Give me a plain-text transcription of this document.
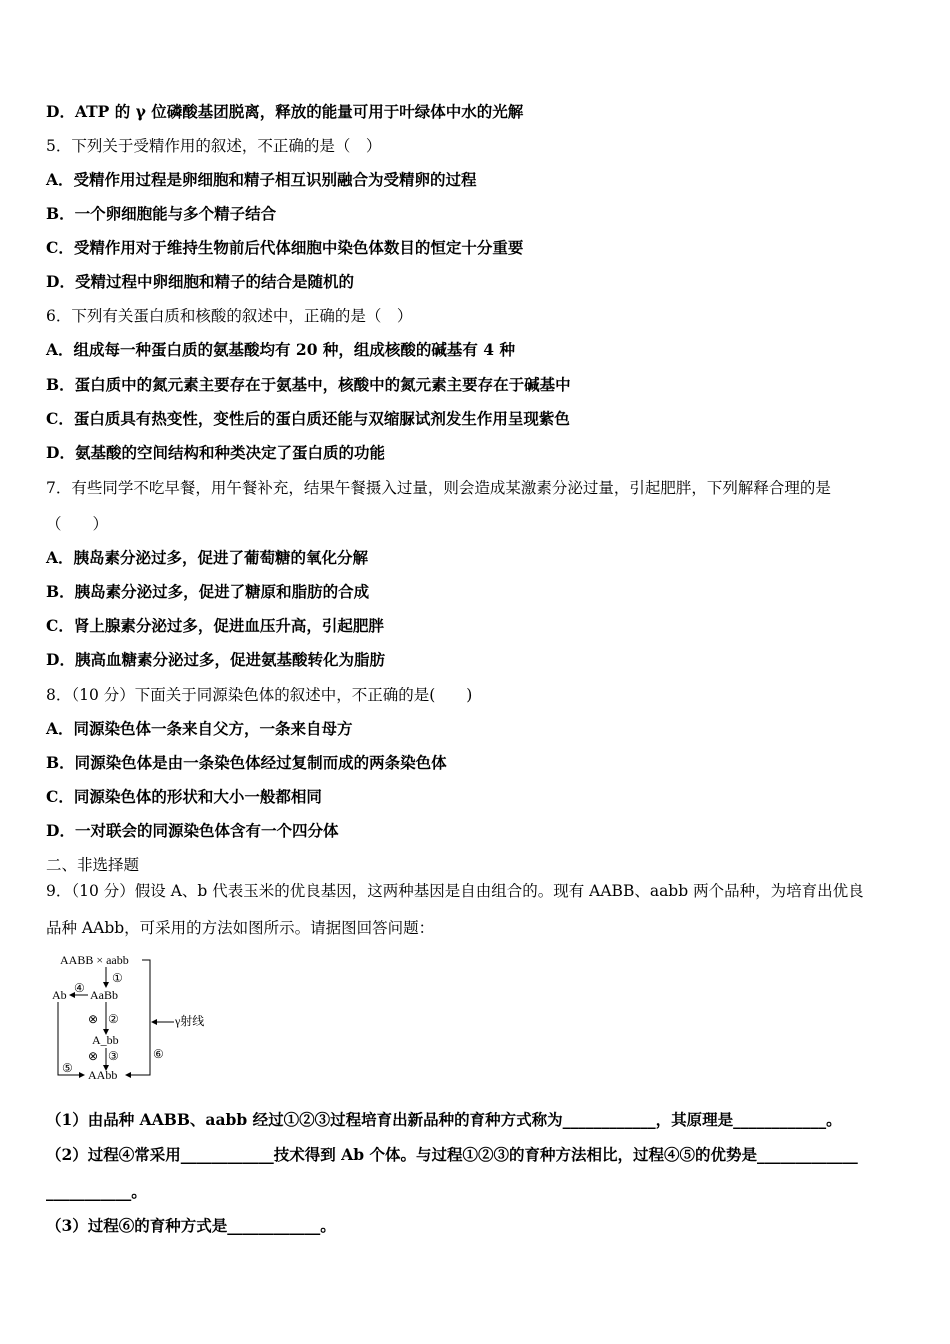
D．ATP 的 γ 位磷酸基团脱离，释放的能量可用于叶绿体中水的光解
5．下列关于受精作用的叙述，不正确的是（　）
A．受精作用过程是卵细胞和精子相互识别融合为受精卵的过程
B．一个卵细胞能与多个精子结合
C．受精作用对于维持生物前后代体细胞中染色体数目的恒定十分重要
D．受精过程中卵细胞和精子的结合是随机的
6．下列有关蛋白质和核酸的叙述中，正确的是（　）
A．组成每一种蛋白质的氨基酸均有 20 种，组成核酸的碱基有 4 种
B．蛋白质中的氮元素主要存在于氨基中，核酸中的氮元素主要存在于碱基中
C．蛋白质具有热变性，变性后的蛋白质还能与双缩脲试剂发生作用呈现紫色
D．氨基酸的空间结构和种类决定了蛋白质的功能
7．有些同学不吃早餐，用午餐补充，结果午餐摄入过量，则会造成某激素分泌过量，引起肥胖，下列解释合理的是
（　　）
A．胰岛素分泌过多，促进了葡萄糖的氧化分解
B．胰岛素分泌过多，促进了糖原和脂肪的合成
C．肾上腺素分泌过多，促进血压升高，引起肥胖
D．胰高血糖素分泌过多，促进氨基酸转化为脂肪
8．（10 分）下面关于同源染色体的叙述中，不正确的是(　　)
A．同源染色体一条来自父方，一条来自母方
B．同源染色体是由一条染色体经过复制而成的两条染色体
C．同源染色体的形状和大小一般都相同
D．一对联会的同源染色体含有一个四分体
二、非选择题
9．（10 分）假设 A、b 代表玉米的优良基因，这两种基因是自由组合的。现有 AABB、aabb 两个品种，为培育出优良
品种 AAbb，可采用的方法如图所示。请据图回答问题：
AABB × aabb
①
AaBb
④
Ab
⊗ ②
A_bb
⊗ ③
AAbb
⑤
⑥
γ射线
（1）由品种 AABB、aabb 经过①②③过程培育出新品种的育种方式称为____________，其原理是____________。
（2）过程④常采用____________技术得到 Ab 个体。与过程①②③的育种方法相比，过程④⑤的优势是_____________
___________。
（3）过程⑥的育种方式是____________。
